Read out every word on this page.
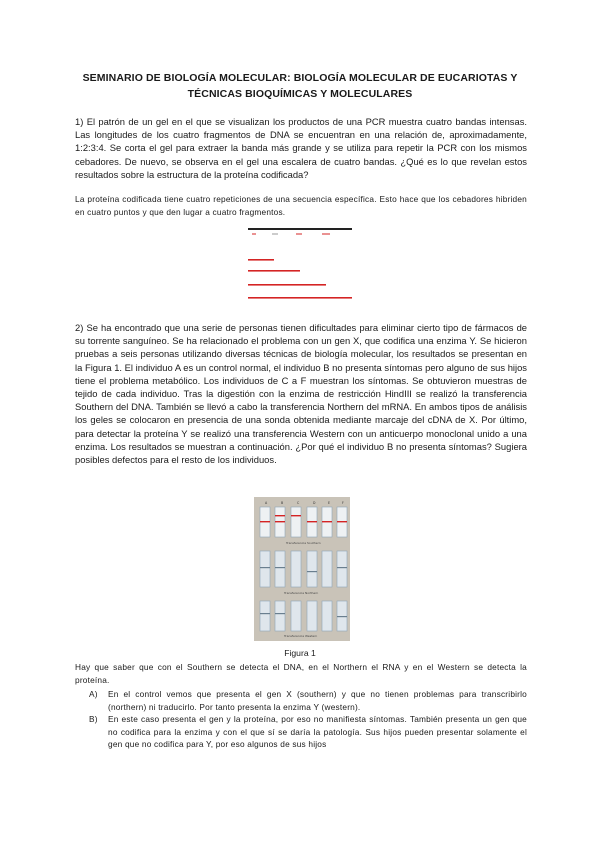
SEMINARIO DE BIOLOGÍA MOLECULAR: BIOLOGÍA MOLECULAR DE EUCARIOTAS Y TÉCNICAS BIOQUÍMICAS Y MOLECULARES
1) El patrón de un gel en el que se visualizan los productos de una PCR muestra cuatro bandas intensas. Las longitudes de los cuatro fragmentos de DNA se encuentran en una relación de, aproximadamente, 1:2:3:4. Se corta el gel para extraer la banda más grande y se utiliza para repetir la PCR con los mismos cebadores. De nuevo, se observa en el gel una escalera de cuatro bandas. ¿Qué es lo que revelan estos resultados sobre la estructura de la proteína codificada?
La proteína codificada tiene cuatro repeticiones de una secuencia específica. Esto hace que los cebadores hibriden en cuatro puntos y que den lugar a cuatro fragmentos.
2) Se ha encontrado que una serie de personas tienen dificultades para eliminar cierto tipo de fármacos de su torrente sanguíneo. Se ha relacionado el problema con un gen X, que codifica una enzima Y. Se hicieron pruebas a seis personas utilizando diversas técnicas de biología molecular, los resultados se presentan en la Figura 1. El individuo A es un control normal, el individuo B no presenta síntomas pero alguno de sus hijos tiene el problema metabólico. Los individuos de C a F muestran los síntomas. Se obtuvieron muestras de tejido de cada individuo. Tras la digestión con la enzima de restricción HindIII se realizó la transferencia Southern del DNA. También se llevó a cabo la transferencia Northern del mRNA. En ambos tipos de análisis los geles se colocaron en presencia de una sonda obtenida mediante marcaje del cDNA de X. Por último, para detectar la proteína Y se realizó una transferencia Western con un anticuerpo monoclonal unido a una enzima. Los resultados se muestran a continuación. ¿Por qué el individuo B no presenta síntomas? Sugiera posibles defectos para el resto de los individuos.
A	B	C	D	E	F
Transferencia Southern
Transferencia Northern
Transferencia Western
Figura 1
Hay que saber que con el Southern se detecta el DNA, en el Northern el RNA y en el Western se detecta la proteína.
A) En el control vemos que presenta el gen X (southern) y que no tienen problemas para transcribirlo (northern) ni traducirlo. Por tanto presenta la enzima Y (western).
B) En este caso presenta el gen y la proteína, por eso no manifiesta síntomas. También presenta un gen que no codifica para la enzima y con el que sí se daría la patología. Sus hijos pueden presentar solamente el gen que no codifica para Y, por eso algunos de sus hijos
